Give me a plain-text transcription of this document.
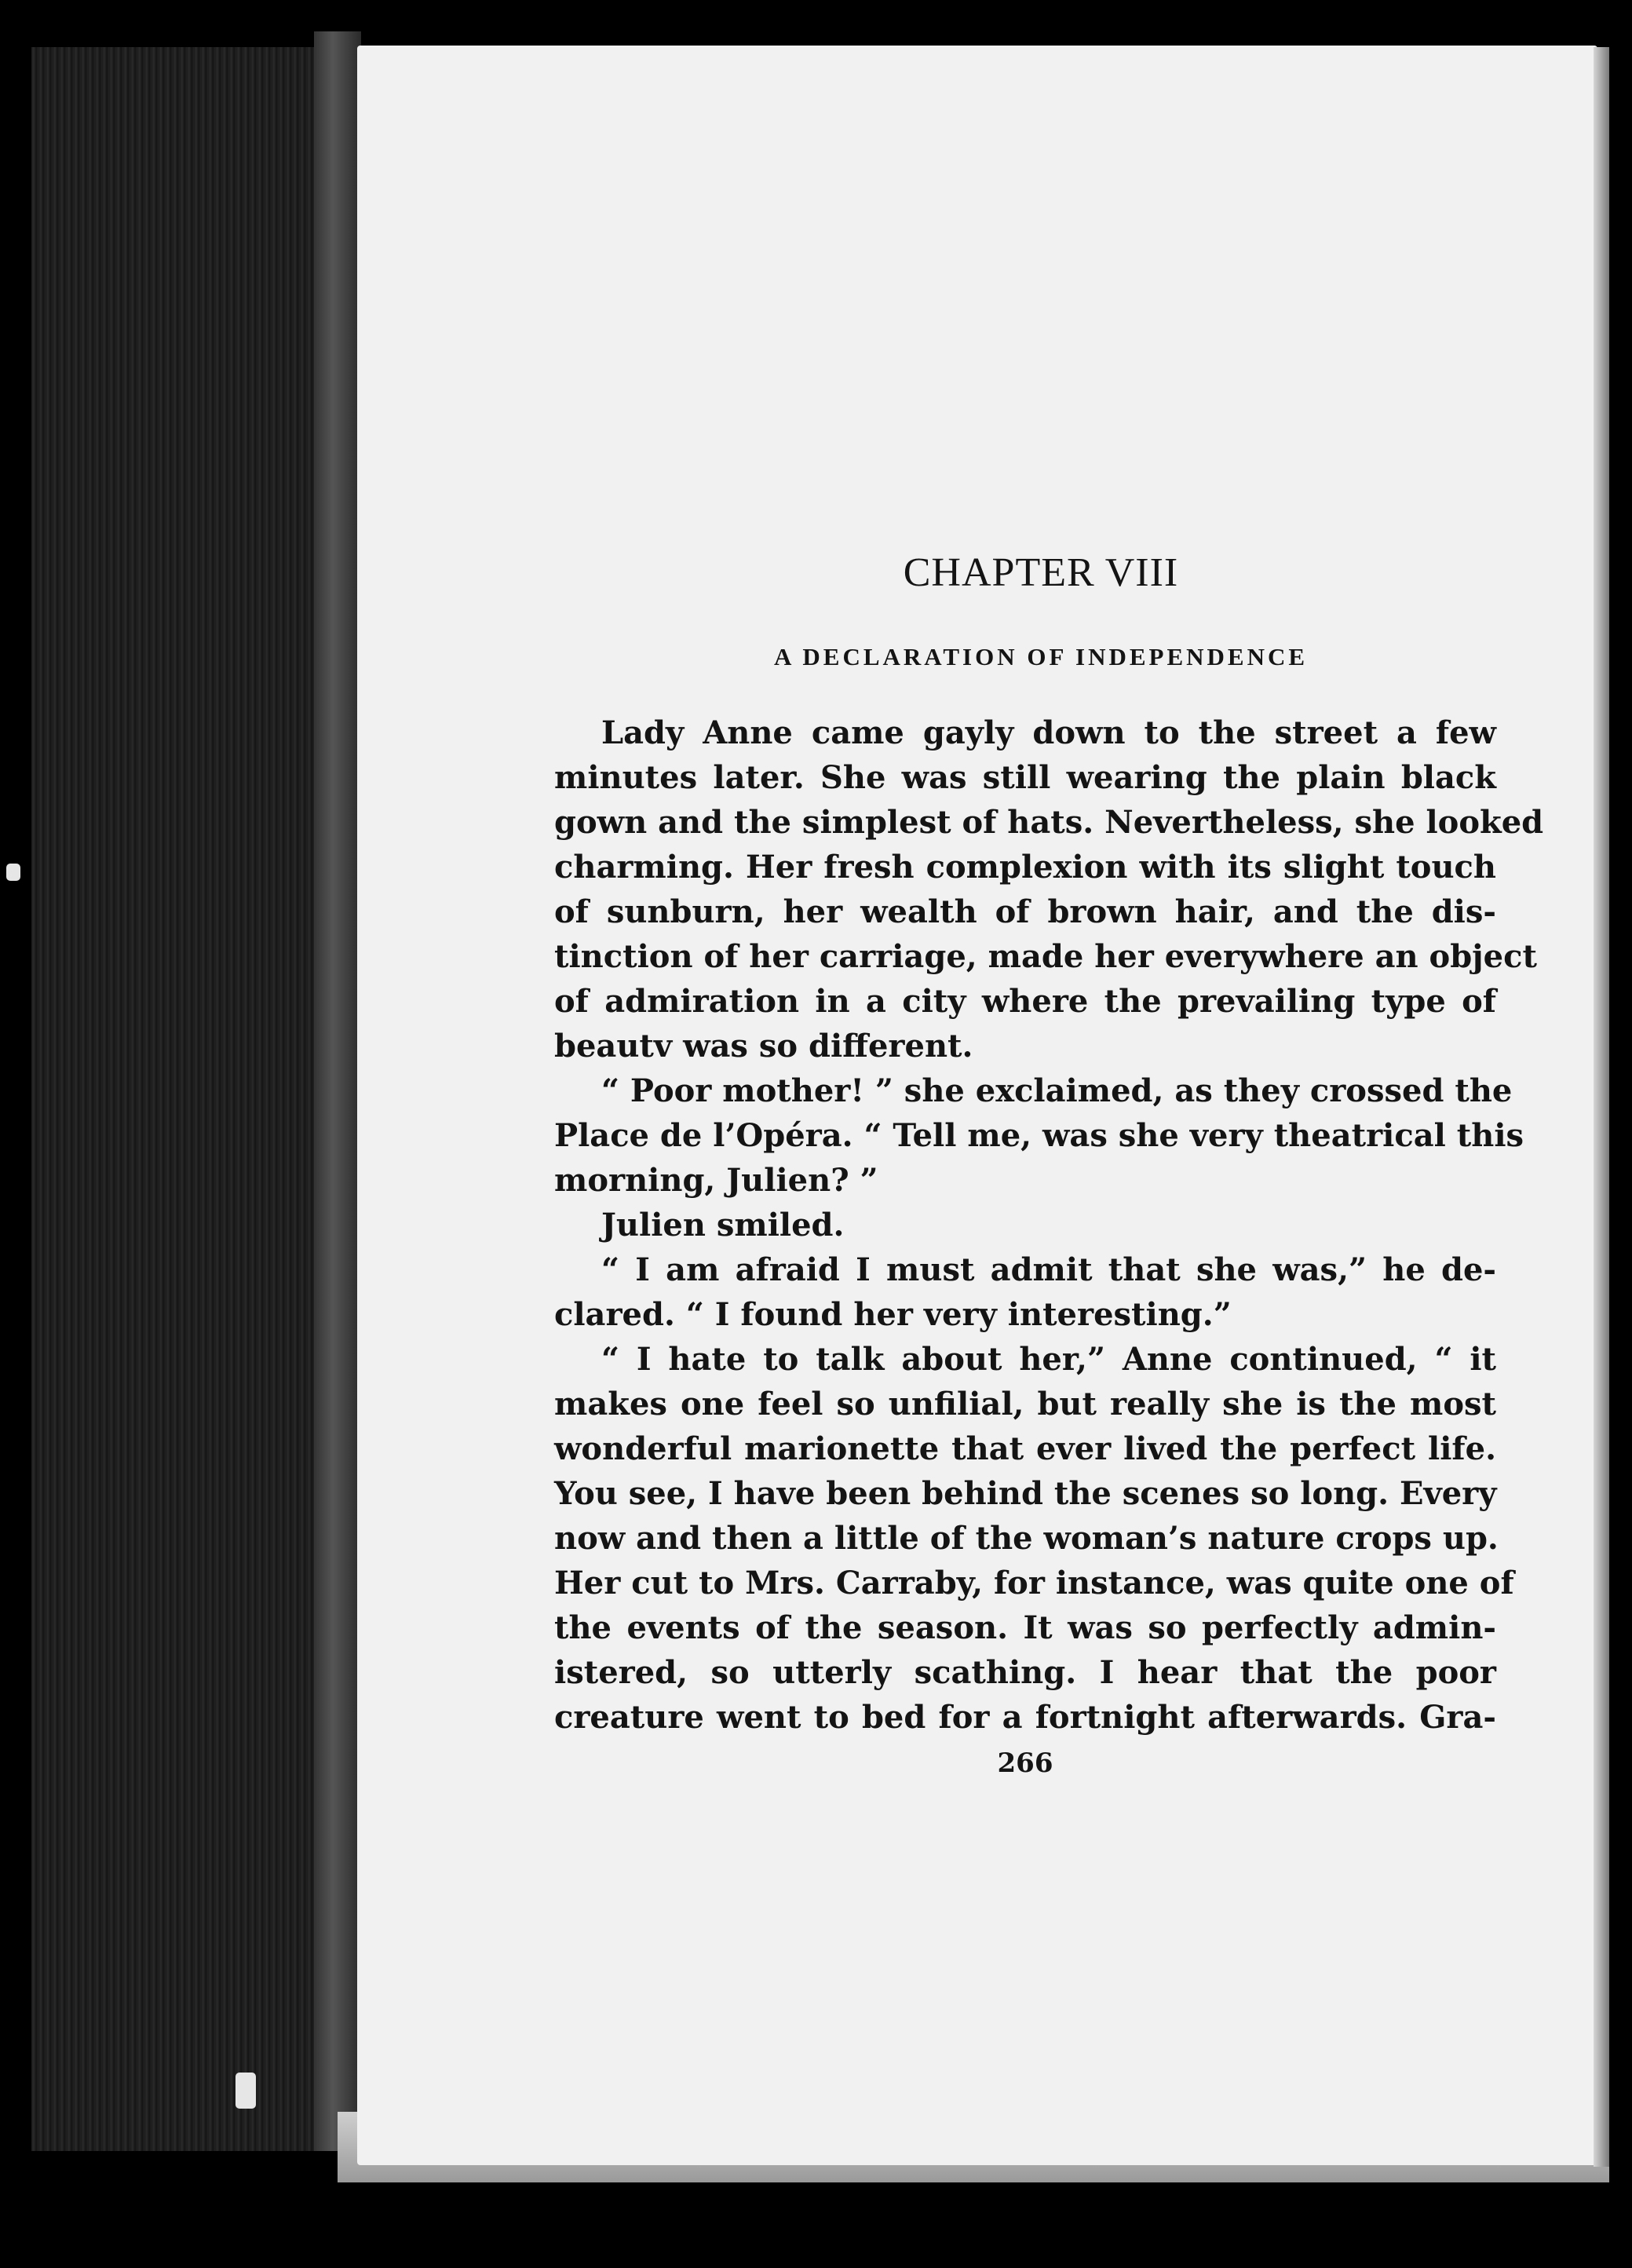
CHAPTER VIII
A DECLARATION OF INDEPENDENCE
Lady Anne came gayly down to the street a few
minutes later. She was still wearing the plain black
gown and the simplest of hats. Nevertheless, she looked
charming. Her fresh complexion with its slight touch
of sunburn, her wealth of brown hair, and the dis-
tinction of her carriage, made her everywhere an object
of admiration in a city where the prevailing type of
beautv was so different.
“ Poor mother! ” she exclaimed, as they crossed the
Place de l’Opéra. “ Tell me, was she very theatrical this
morning, Julien? ”
Julien smiled.
“ I am afraid I must admit that she was,” he de-
clared. “ I found her very interesting.”
“ I hate to talk about her,” Anne continued, “ it
makes one feel so unfilial, but really she is the most
wonderful marionette that ever lived the perfect life.
You see, I have been behind the scenes so long. Every
now and then a little of the woman’s nature crops up.
Her cut to Mrs. Carraby, for instance, was quite one of
the events of the season. It was so perfectly admin-
istered, so utterly scathing. I hear that the poor
creature went to bed for a fortnight afterwards. Gra-
266
